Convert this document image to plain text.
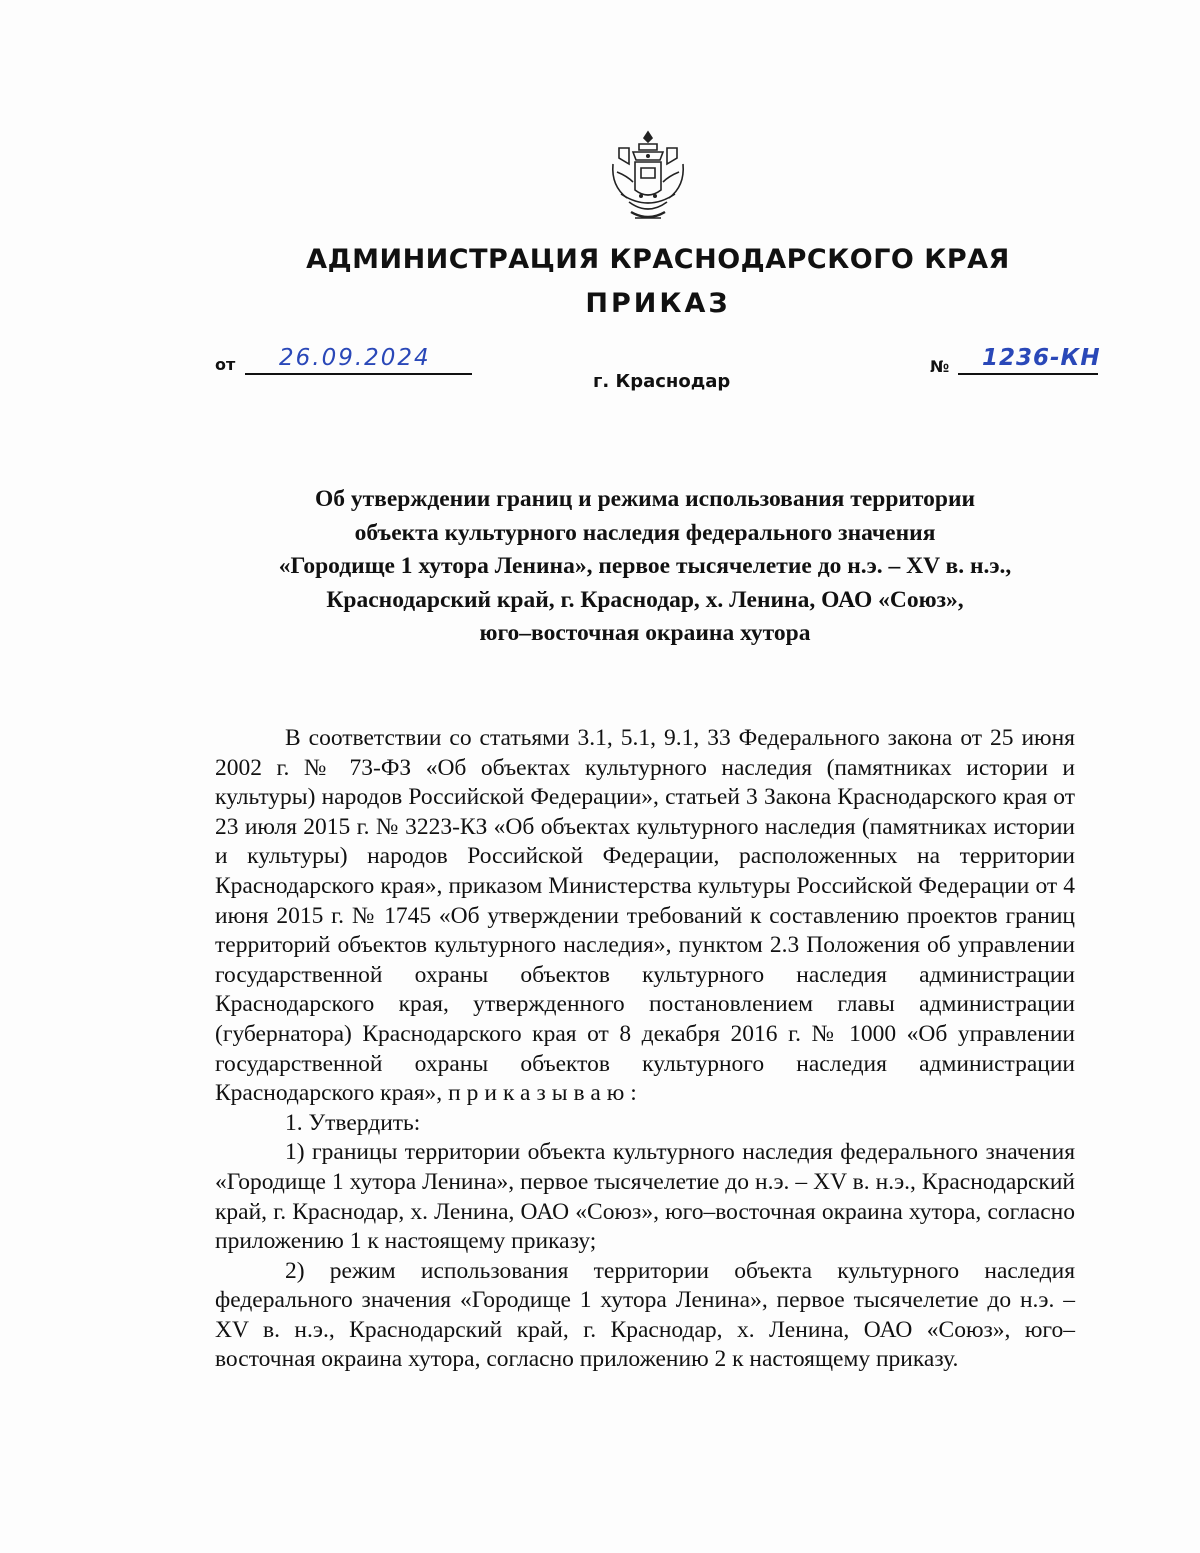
АДМИНИСТРАЦИЯ КРАСНОДАРСКОГО КРАЯ
ПРИКАЗ
от 26.09.2024	№ 1236-КН
г. Краснодар
Об утверждении границ и режима использования территории
объекта культурного наследия федерального значения
«Городище 1 хутора Ленина», первое тысячелетие до н.э. – XV в. н.э.,
Краснодарский край, г. Краснодар, х. Ленина, ОАО «Союз»,
юго–восточная окраина хутора

В соответствии со статьями 3.1, 5.1, 9.1, 33 Федерального закона от 25 июня 2002 г. № 73-ФЗ «Об объектах культурного наследия (памятниках истории и культуры) народов Российской Федерации», статьей 3 Закона Краснодарского края от 23 июля 2015 г. № 3223-КЗ «Об объектах культурного наследия (памятниках истории и культуры) народов Российской Федерации, расположенных на территории Краснодарского края», приказом Министерства культуры Российской Федерации от 4 июня 2015 г. № 1745 «Об утверждении требований к составлению проектов границ территорий объектов культурного наследия», пунктом 2.3 Положения об управлении государственной охраны объектов культурного наследия администрации Краснодарского края, утвержденного постановлением главы администрации (губернатора) Краснодарского края от 8 декабря 2016 г. № 1000 «Об управлении государственной охраны объектов культурного наследия администрации Краснодарского края», приказываю:

1. Утвердить:

1) границы территории объекта культурного наследия федерального значения «Городище 1 хутора Ленина», первое тысячелетие до н.э. – XV в. н.э., Краснодарский край, г. Краснодар, х. Ленина, ОАО «Союз», юго–восточная окраина хутора, согласно приложению 1 к настоящему приказу;

2) режим использования территории объекта культурного наследия федерального значения «Городище 1 хутора Ленина», первое тысячелетие до н.э. – XV в. н.э., Краснодарский край, г. Краснодар, х. Ленина, ОАО «Союз», юго–восточная окраина хутора, согласно приложению 2 к настоящему приказу.
